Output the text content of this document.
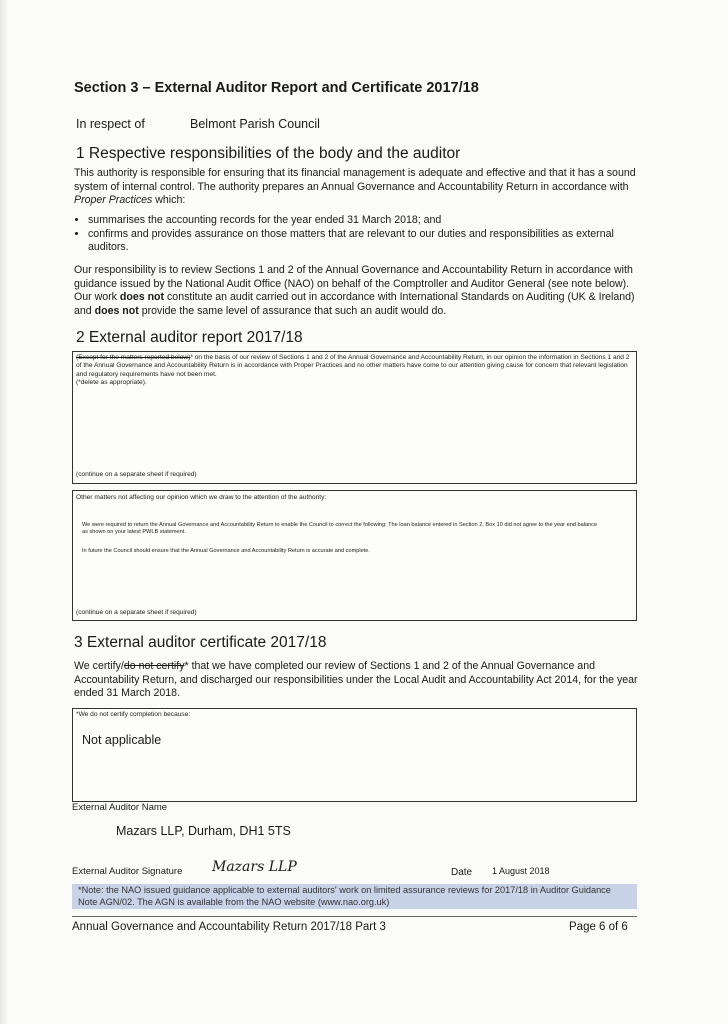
Section 3 – External Auditor Report and Certificate 2017/18
In respect of	Belmont Parish Council
1 Respective responsibilities of the body and the auditor
This authority is responsible for ensuring that its financial management is adequate and effective and that it has a sound system of internal control. The authority prepares an Annual Governance and Accountability Return in accordance with Proper Practices which:
• summarises the accounting records for the year ended 31 March 2018; and
• confirms and provides assurance on those matters that are relevant to our duties and responsibilities as external auditors.
Our responsibility is to review Sections 1 and 2 of the Annual Governance and Accountability Return in accordance with guidance issued by the National Audit Office (NAO) on behalf of the Comptroller and Auditor General (see note below). Our work does not constitute an audit carried out in accordance with International Standards on Auditing (UK & Ireland) and does not provide the same level of assurance that such an audit would do.
2 External auditor report 2017/18
(Except for the matters reported below)* on the basis of our review of Sections 1 and 2 of the Annual Governance and Accountability Return, in our opinion the information in Sections 1 and 2 of the Annual Governance and Accountability Return is in accordance with Proper Practices and no other matters have come to our attention giving cause for concern that relevant legislation and regulatory requirements have not been met.
(*delete as appropriate).
(continue on a separate sheet if required)
Other matters not affecting our opinion which we draw to the attention of the authority:
We were required to return the Annual Governance and Accountability Return to enable the Council to correct the following: The loan balance entered in Section 2, Box 10 did not agree to the year end balance as shown on your latest PWLB statement.
In future the Council should ensure that the Annual Governance and Accountability Return is accurate and complete.
(continue on a separate sheet if required)
3 External auditor certificate 2017/18
We certify/do not certify* that we have completed our review of Sections 1 and 2 of the Annual Governance and Accountability Return, and discharged our responsibilities under the Local Audit and Accountability Act 2014, for the year ended 31 March 2018.
*We do not certify completion because:
Not applicable
External Auditor Name
Mazars LLP, Durham, DH1 5TS
External Auditor Signature Mazars LLP	Date 1 August 2018
*Note: the NAO issued guidance applicable to external auditors' work on limited assurance reviews for 2017/18 in Auditor Guidance Note AGN/02. The AGN is available from the NAO website (www.nao.org.uk)
Annual Governance and Accountability Return 2017/18 Part 3	Page 6 of 6
